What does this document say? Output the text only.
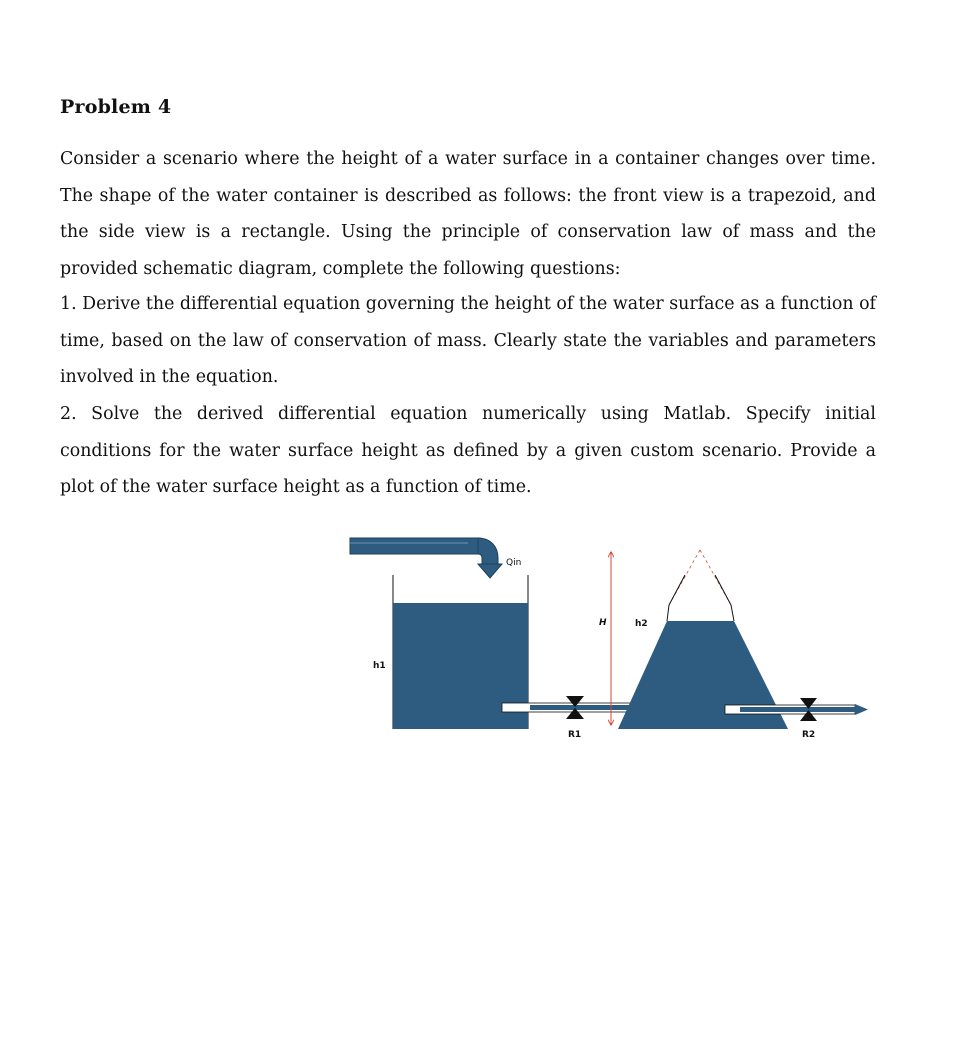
Problem 4
Consider a scenario where the height of a water surface in a container changes over time. The shape of the water container is described as follows: the front view is a trapezoid, and the side view is a rectangle. Using the principle of conservation law of mass and the provided schematic diagram, complete the following questions:
1. Derive the differential equation governing the height of the water surface as a function of time, based on the law of conservation of mass. Clearly state the variables and parameters involved in the equation.
2. Solve the derived differential equation numerically using Matlab. Specify initial conditions for the water surface height as defined by a given custom scenario. Provide a plot of the water surface height as a function of time.
Qin
h1
R1
H	h2
R2
